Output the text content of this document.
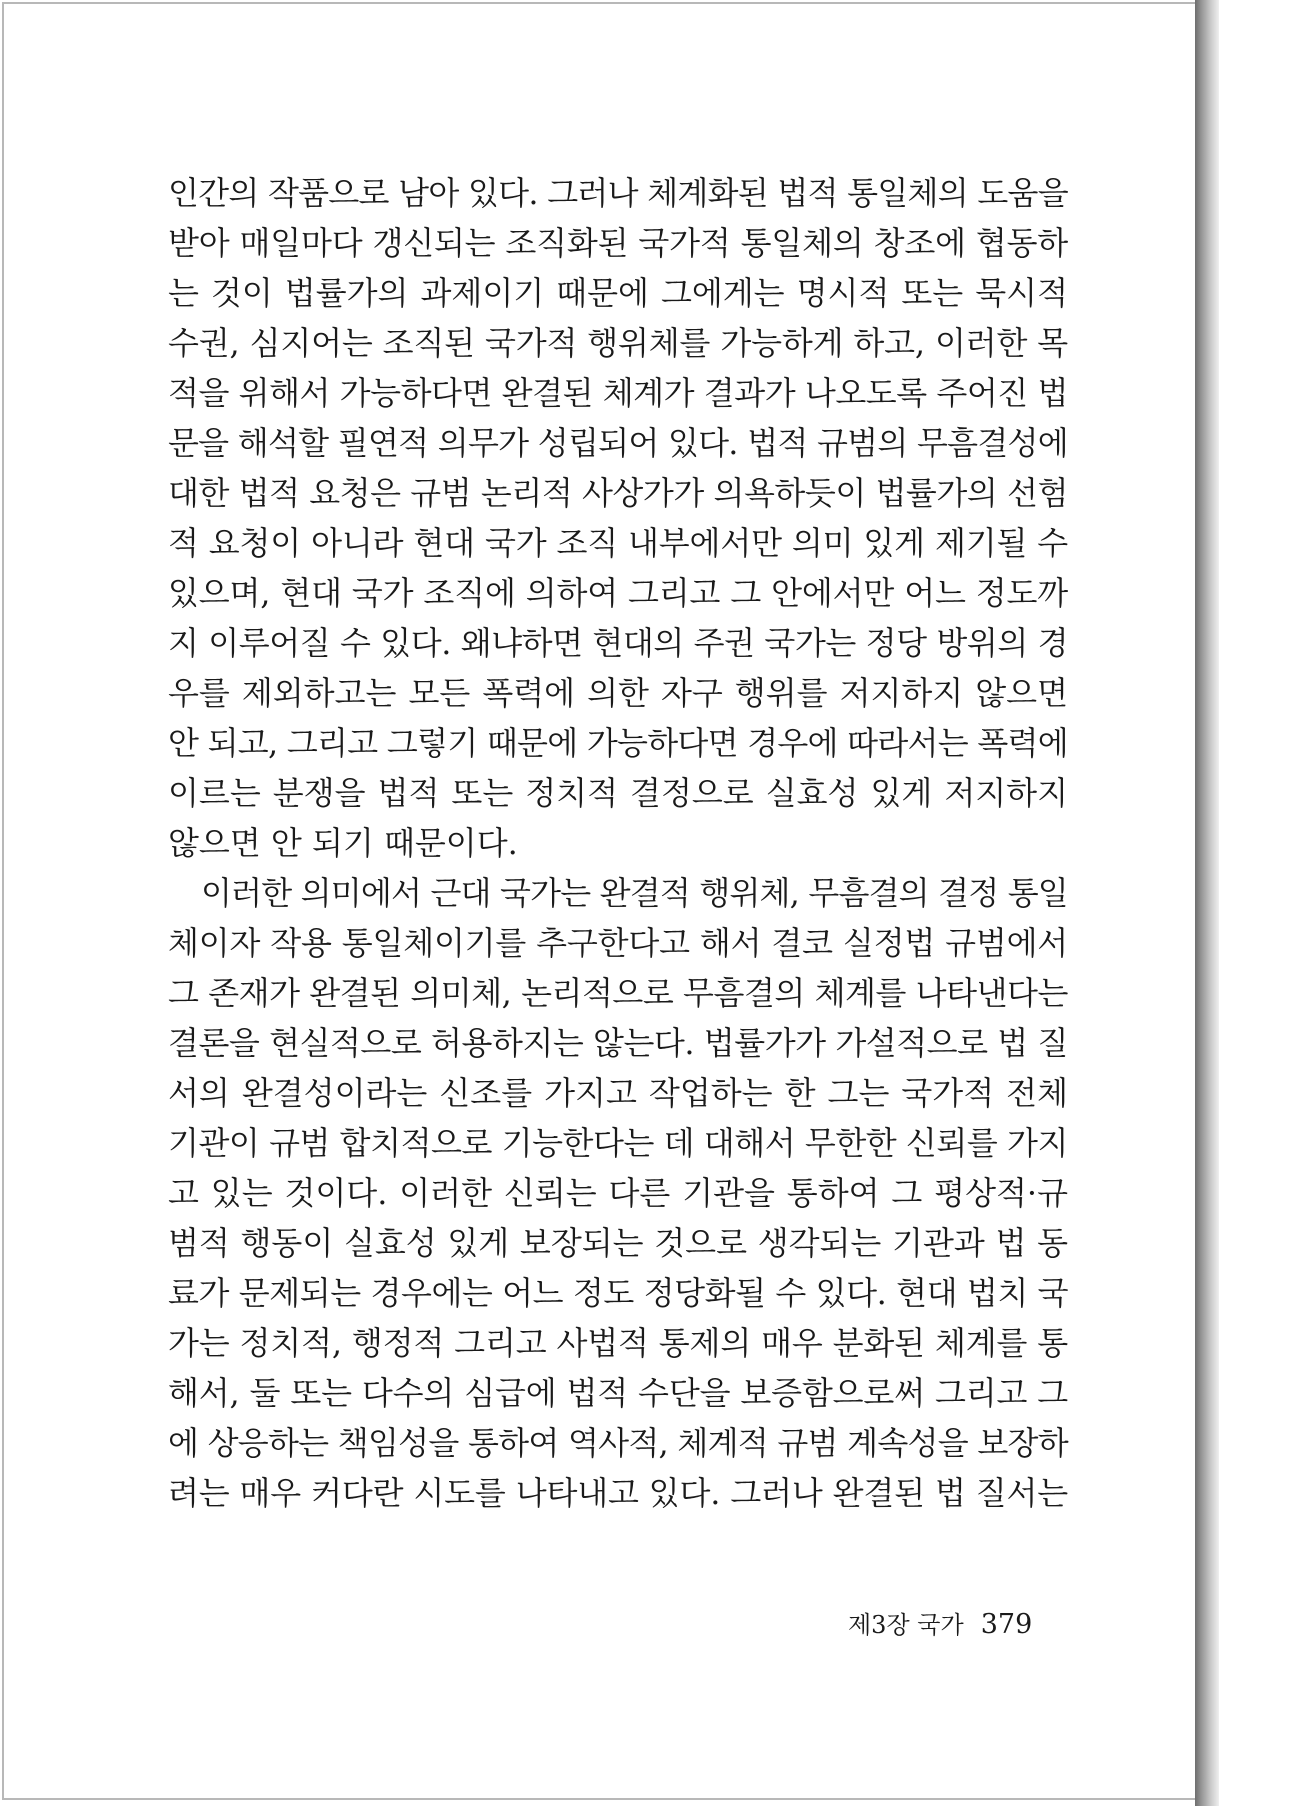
인간의 작품으로 남아 있다. 그러나 체계화된 법적 통일체의 도움을
받아 매일마다 갱신되는 조직화된 국가적 통일체의 창조에 협동하
는 것이 법률가의 과제이기 때문에 그에게는 명시적 또는 묵시적
수권, 심지어는 조직된 국가적 행위체를 가능하게 하고, 이러한 목
적을 위해서 가능하다면 완결된 체계가 결과가 나오도록 주어진 법
문을 해석할 필연적 의무가 성립되어 있다. 법적 규범의 무흠결성에
대한 법적 요청은 규범 논리적 사상가가 의욕하듯이 법률가의 선험
적 요청이 아니라 현대 국가 조직 내부에서만 의미 있게 제기될 수
있으며, 현대 국가 조직에 의하여 그리고 그 안에서만 어느 정도까
지 이루어질 수 있다. 왜냐하면 현대의 주권 국가는 정당 방위의 경
우를 제외하고는 모든 폭력에 의한 자구 행위를 저지하지 않으면
안 되고, 그리고 그렇기 때문에 가능하다면 경우에 따라서는 폭력에
이르는 분쟁을 법적 또는 정치적 결정으로 실효성 있게 저지하지
않으면 안 되기 때문이다.
이러한 의미에서 근대 국가는 완결적 행위체, 무흠결의 결정 통일
체이자 작용 통일체이기를 추구한다고 해서 결코 실정법 규범에서
그 존재가 완결된 의미체, 논리적으로 무흠결의 체계를 나타낸다는
결론을 현실적으로 허용하지는 않는다. 법률가가 가설적으로 법 질
서의 완결성이라는 신조를 가지고 작업하는 한 그는 국가적 전체
기관이 규범 합치적으로 기능한다는 데 대해서 무한한 신뢰를 가지
고 있는 것이다. 이러한 신뢰는 다른 기관을 통하여 그 평상적·규
범적 행동이 실효성 있게 보장되는 것으로 생각되는 기관과 법 동
료가 문제되는 경우에는 어느 정도 정당화될 수 있다. 현대 법치 국
가는 정치적, 행정적 그리고 사법적 통제의 매우 분화된 체계를 통
해서, 둘 또는 다수의 심급에 법적 수단을 보증함으로써 그리고 그
에 상응하는 책임성을 통하여 역사적, 체계적 규범 계속성을 보장하
려는 매우 커다란 시도를 나타내고 있다. 그러나 완결된 법 질서는
제3장 국가 379
